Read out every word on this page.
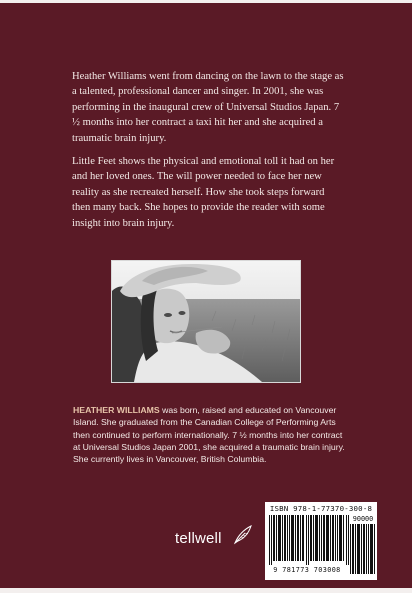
Heather Williams went from dancing on the lawn to the stage as a talented, professional dancer and singer. In 2001, she was performing in the inaugural crew of Universal Studios Japan. 7 ½ months into her contract a taxi hit her and she acquired a traumatic brain injury.

Little Feet shows the physical and emotional toll it had on her and her loved ones. The will power needed to face her new reality as she recreated herself. How she took steps forward then many back. She hopes to provide the reader with some insight into brain injury.

HEATHER WILLIAMS was born, raised and educated on Vancouver Island. She graduated from the Canadian College of Performing Arts then continued to perform internationally. 7 ½ months into her contract at Universal Studios Japan 2001, she acquired a traumatic brain injury. She currently lives in Vancouver, British Columbia.

tellwell
ISBN 978-1-77370-300-8
9 781773 703008
90000
